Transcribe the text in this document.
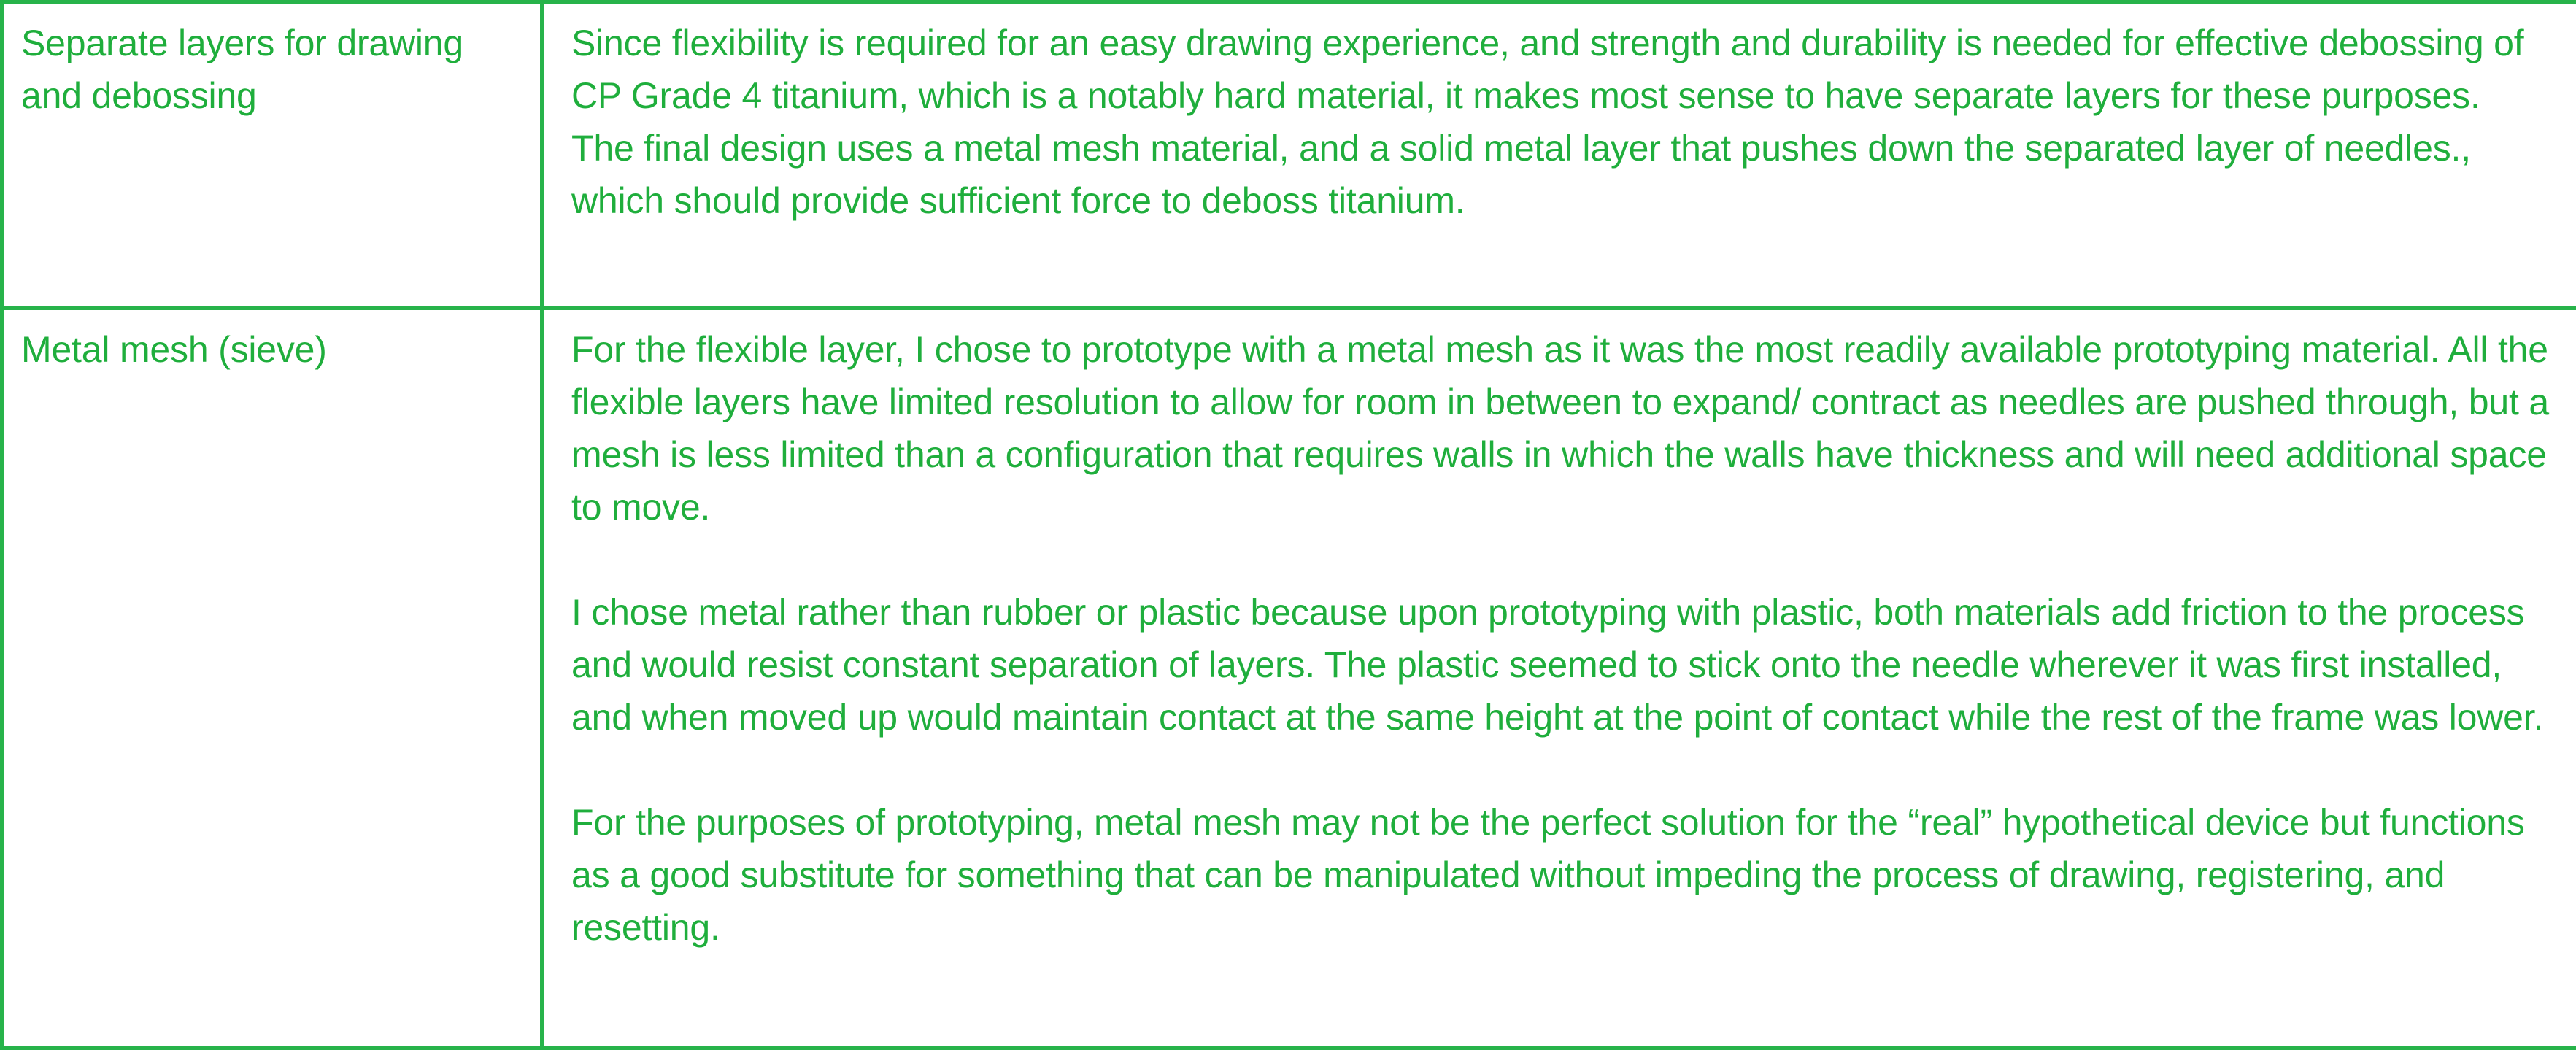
Separate layers for drawing and debossing	Since flexibility is required for an easy drawing experience, and strength and durability is needed for effective debossing of CP Grade 4 titanium, which is a notably hard material, it makes most sense to have separate layers for these purposes. The final design uses a metal mesh material, and a solid metal layer that pushes down the separated layer of needles., which should provide sufficient force to deboss titanium.

Metal mesh (sieve)	For the flexible layer, I chose to prototype with a metal mesh as it was the most readily available prototyping material. All the flexible layers have limited resolution to allow for room in between to expand/ contract as needles are pushed through, but a mesh is less limited than a configuration that requires walls in which the walls have thickness and will need additional space to move.

I chose metal rather than rubber or plastic because upon prototyping with plastic, both materials add friction to the process and would resist constant separation of layers. The plastic seemed to stick onto the needle wherever it was first installed, and when moved up would maintain contact at the same height at the point of contact while the rest of the frame was lower.

For the purposes of prototyping, metal mesh may not be the perfect solution for the “real” hypothetical device but functions as a good substitute for something that can be manipulated without impeding the process of drawing, registering, and resetting.
